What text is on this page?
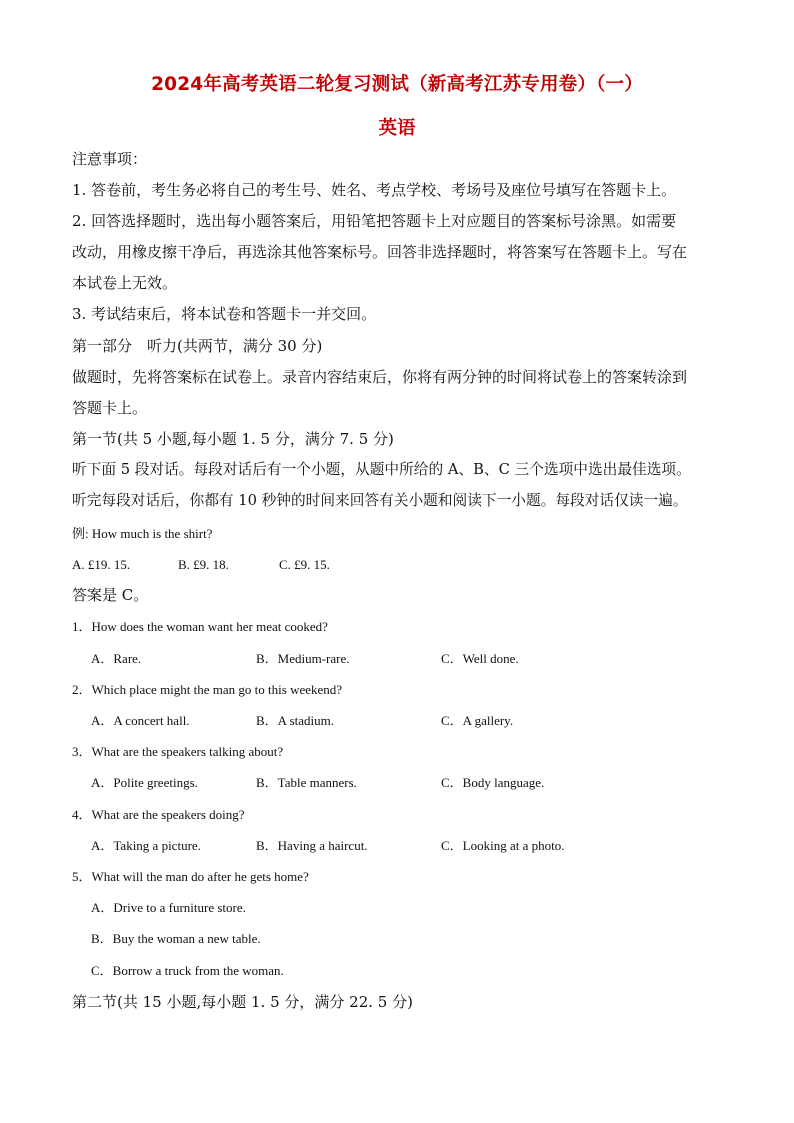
2024年高考英语二轮复习测试（新高考江苏专用卷）（一）
英语
注意事项：
1. 答卷前，考生务必将自己的考生号、姓名、考点学校、考场号及座位号填写在答题卡上。
2. 回答选择题时，选出每小题答案后，用铅笔把答题卡上对应题目的答案标号涂黑。如需要
改动，用橡皮擦干净后，再选涂其他答案标号。回答非选择题时，将答案写在答题卡上。写在
本试卷上无效。
3. 考试结束后，将本试卷和答题卡一并交回。
第一部分　听力(共两节，满分 30 分)
做题时，先将答案标在试卷上。录音内容结束后，你将有两分钟的时间将试卷上的答案转涂到
答题卡上。
第一节(共 5 小题,每小题 1. 5 分，满分 7. 5 分)
听下面 5 段对话。每段对话后有一个小题，从题中所给的 A、B、C 三个选项中选出最佳选项。
听完每段对话后，你都有 10 秒钟的时间来回答有关小题和阅读下一小题。每段对话仅读一遍。
例: How much is the shirt?
A. £19. 15.	B. £9. 18.	C. £9. 15.
答案是 C。
1．How does the woman want her meat cooked?
A．Rare.	B．Medium-rare.	C．Well done.
2．Which place might the man go to this weekend?
A．A concert hall.	B．A stadium.	C．A gallery.
3．What are the speakers talking about?
A．Polite greetings.	B．Table manners.	C．Body language.
4．What are the speakers doing?
A．Taking a picture.	B．Having a haircut.	C．Looking at a photo.
5．What will the man do after he gets home?
A．Drive to a furniture store.
B．Buy the woman a new table.
C．Borrow a truck from the woman.
第二节(共 15 小题,每小题 1. 5 分，满分 22. 5 分)
